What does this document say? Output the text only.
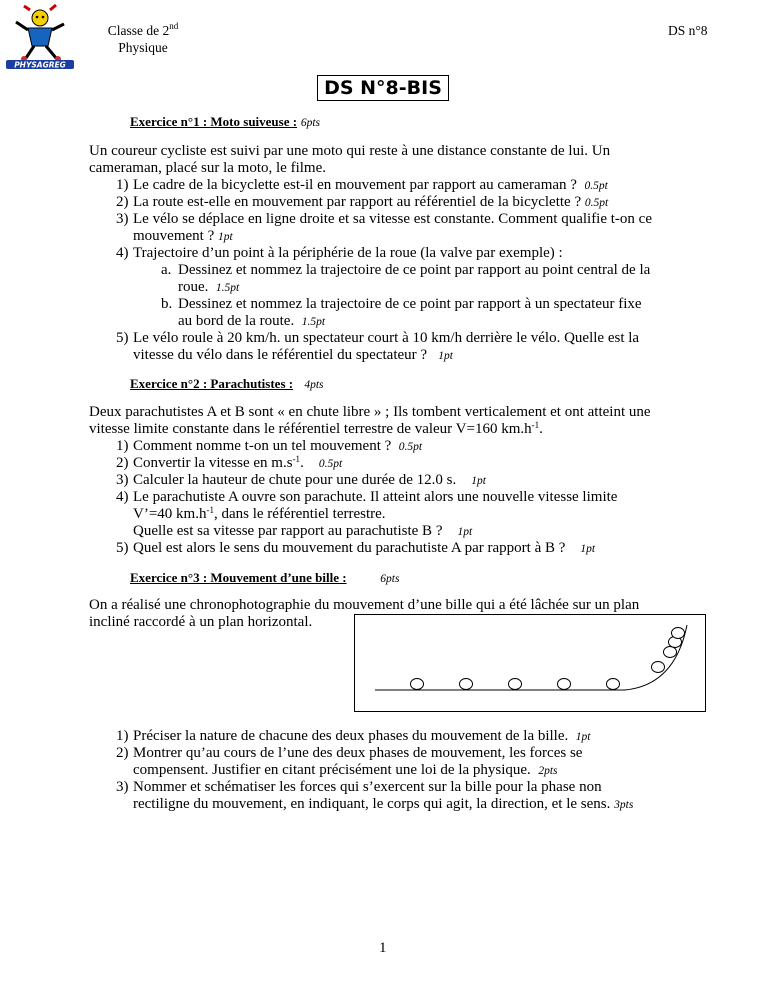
PHYSAGREG
Classe de 2nd
Physique
DS n°8
DS N°8-BIS
Exercice n°1 : Moto suiveuse : 6pts
Un coureur cycliste est suivi par une moto qui reste à une distance constante de lui. Un
cameraman, placé sur la moto, le filme.
1) Le cadre de la bicyclette est-il en mouvement par rapport au cameraman ? 0.5pt
2) La route est-elle en mouvement par rapport au référentiel de la bicyclette ? 0.5pt
3) Le vélo se déplace en ligne droite et sa vitesse est constante. Comment qualifie t-on ce
mouvement ? 1pt
4) Trajectoire d’un point à la périphérie de la roue (la valve par exemple) :
a. Dessinez et nommez la trajectoire de ce point par rapport au point central de la
roue. 1.5pt
b. Dessinez et nommez la trajectoire de ce point par rapport à un spectateur fixe
au bord de la route. 1.5pt
5) Le vélo roule à 20 km/h. un spectateur court à 10 km/h derrière le vélo. Quelle est la
vitesse du vélo dans le référentiel du spectateur ? 1pt
Exercice n°2 : Parachutistes : 4pts
Deux parachutistes A et B sont « en chute libre » ; Ils tombent verticalement et ont atteint une
vitesse limite constante dans le référentiel terrestre de valeur V=160 $km.h^{-1}$.
1) Comment nomme t-on un tel mouvement ? 0.5pt
2) Convertir la vitesse en $m.s^{-1}$. 0.5pt
3) Calculer la hauteur de chute pour une durée de 12.0 s. 1pt
4) Le parachutiste A ouvre son parachute. Il atteint alors une nouvelle vitesse limite
V’=40 $km.h^{-1}$, dans le référentiel terrestre.
Quelle est sa vitesse par rapport au parachutiste B ? 1pt
5) Quel est alors le sens du mouvement du parachutiste A par rapport à B ? 1pt
Exercice n°3 : Mouvement d’une bille :	6pts
On a réalisé une chronophotographie du mouvement d’une bille qui a été lâchée sur un plan
incliné raccordé à un plan horizontal.
1) Préciser la nature de chacune des deux phases du mouvement de la bille. 1pt
2) Montrer qu’au cours de l’une des deux phases de mouvement, les forces se
compensent. Justifier en citant précisément une loi de la physique. 2pts
3) Nommer et schématiser les forces qui s’exercent sur la bille pour la phase non
rectiligne du mouvement, en indiquant, le corps qui agit, la direction, et le sens. 3pts
1
